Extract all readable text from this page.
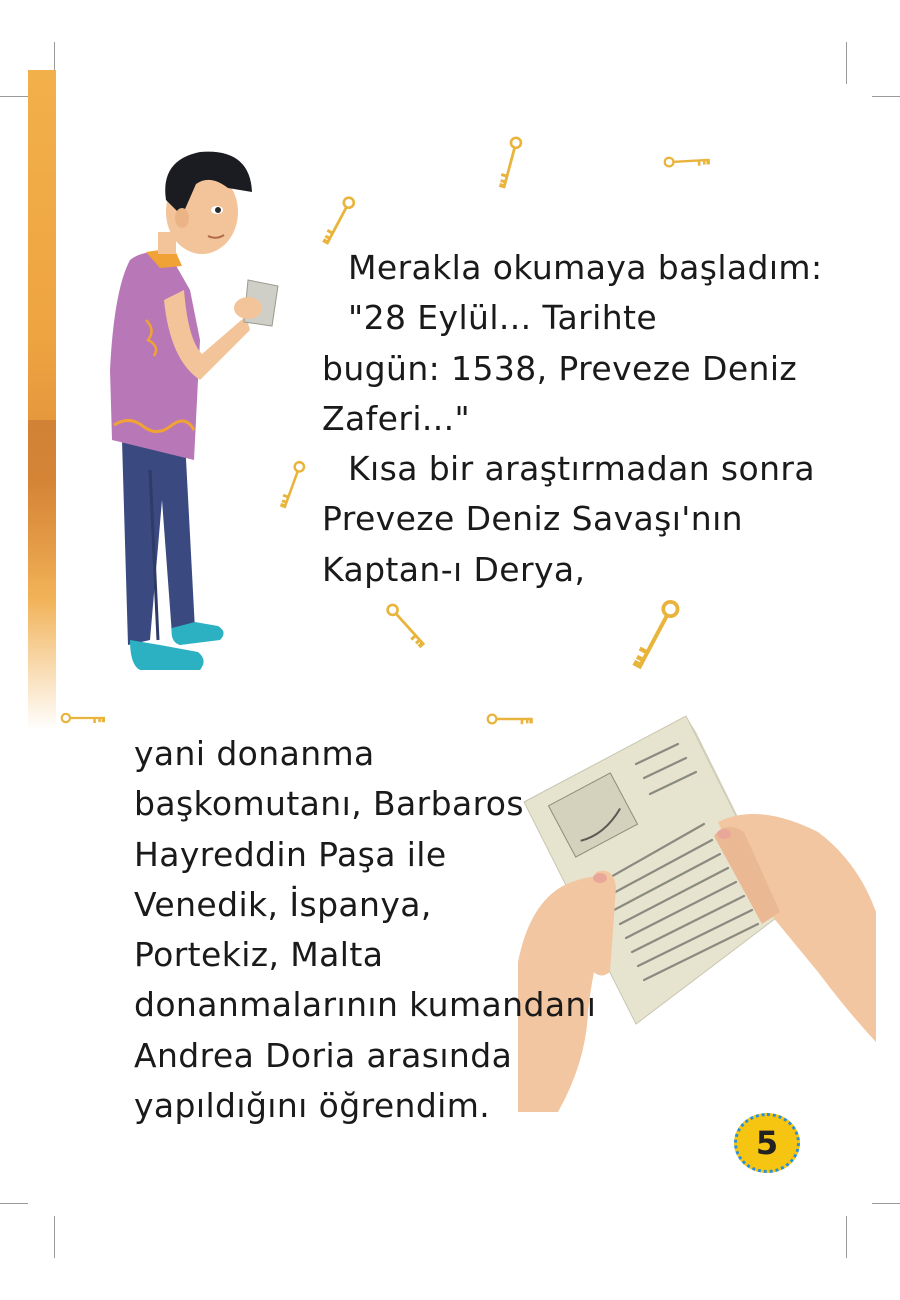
Merakla okumaya başladım:
"28 Eylül... Tarihte
bugün: 1538, Preveze Deniz
Zaferi..."
Kısa bir araştırmadan sonra
Preveze Deniz Savaşı'nın
Kaptan-ı Derya,
yani donanma
başkomutanı, Barbaros
Hayreddin Paşa ile
Venedik, İspanya,
Portekiz, Malta
donanmalarının kumandanı
Andrea Doria arasında
yapıldığını öğrendim.
5
